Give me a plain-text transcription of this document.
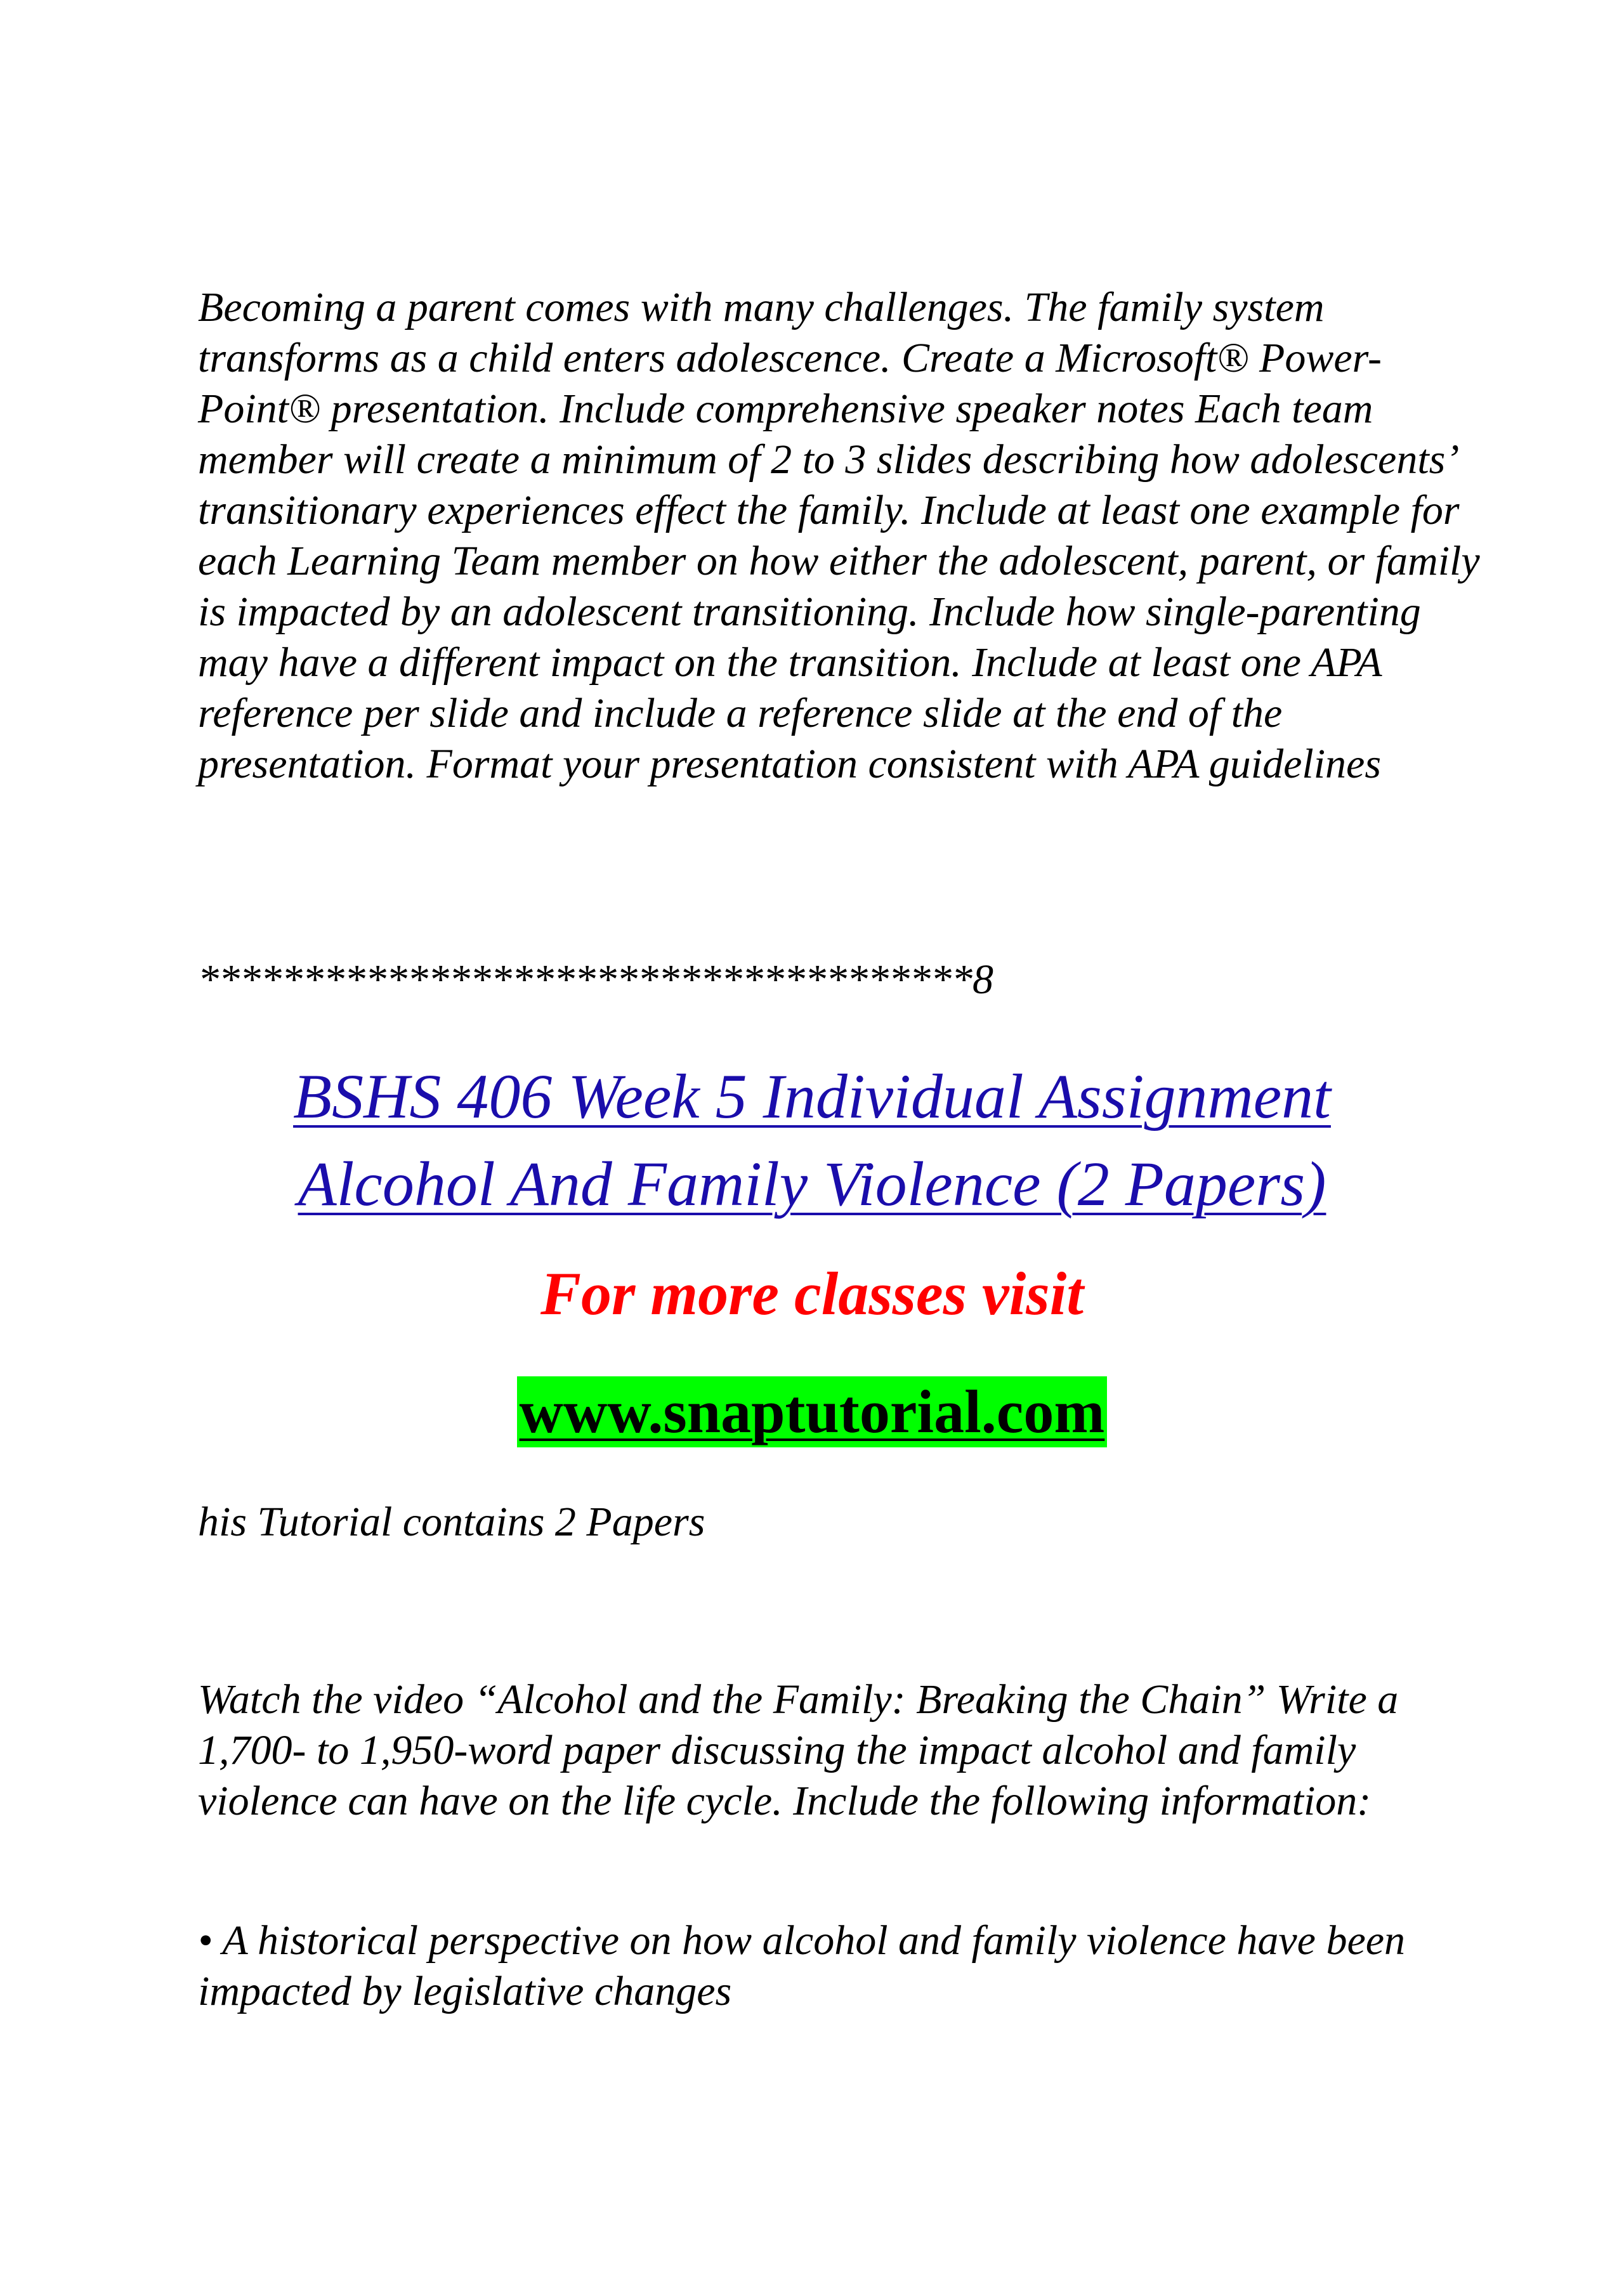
Becoming a parent comes with many challenges. The family system transforms as a child enters adolescence. Create a Microsoft® Power-Point® presentation. Include comprehensive speaker notes Each team member will create a minimum of 2 to 3 slides describing how adolescents’ transitionary experiences effect the family. Include at least one example for each Learning Team member on how either the adolescent, parent, or family is impacted by an adolescent transitioning. Include how single-parenting may have a different impact on the transition. Include at least one APA reference per slide and include a reference slide at the end of the presentation. Format your presentation consistent with APA guidelines

*************************************8
BSHS 406 Week 5 Individual Assignment
Alcohol And Family Violence (2 Papers)
For more classes visit
www.snaptutorial.com

his Tutorial contains 2 Papers

Watch the video “Alcohol and the Family: Breaking the Chain” Write a 1,700- to 1,950-word paper discussing the impact alcohol and family violence can have on the life cycle. Include the following information:

• A historical perspective on how alcohol and family violence have been impacted by legislative changes
